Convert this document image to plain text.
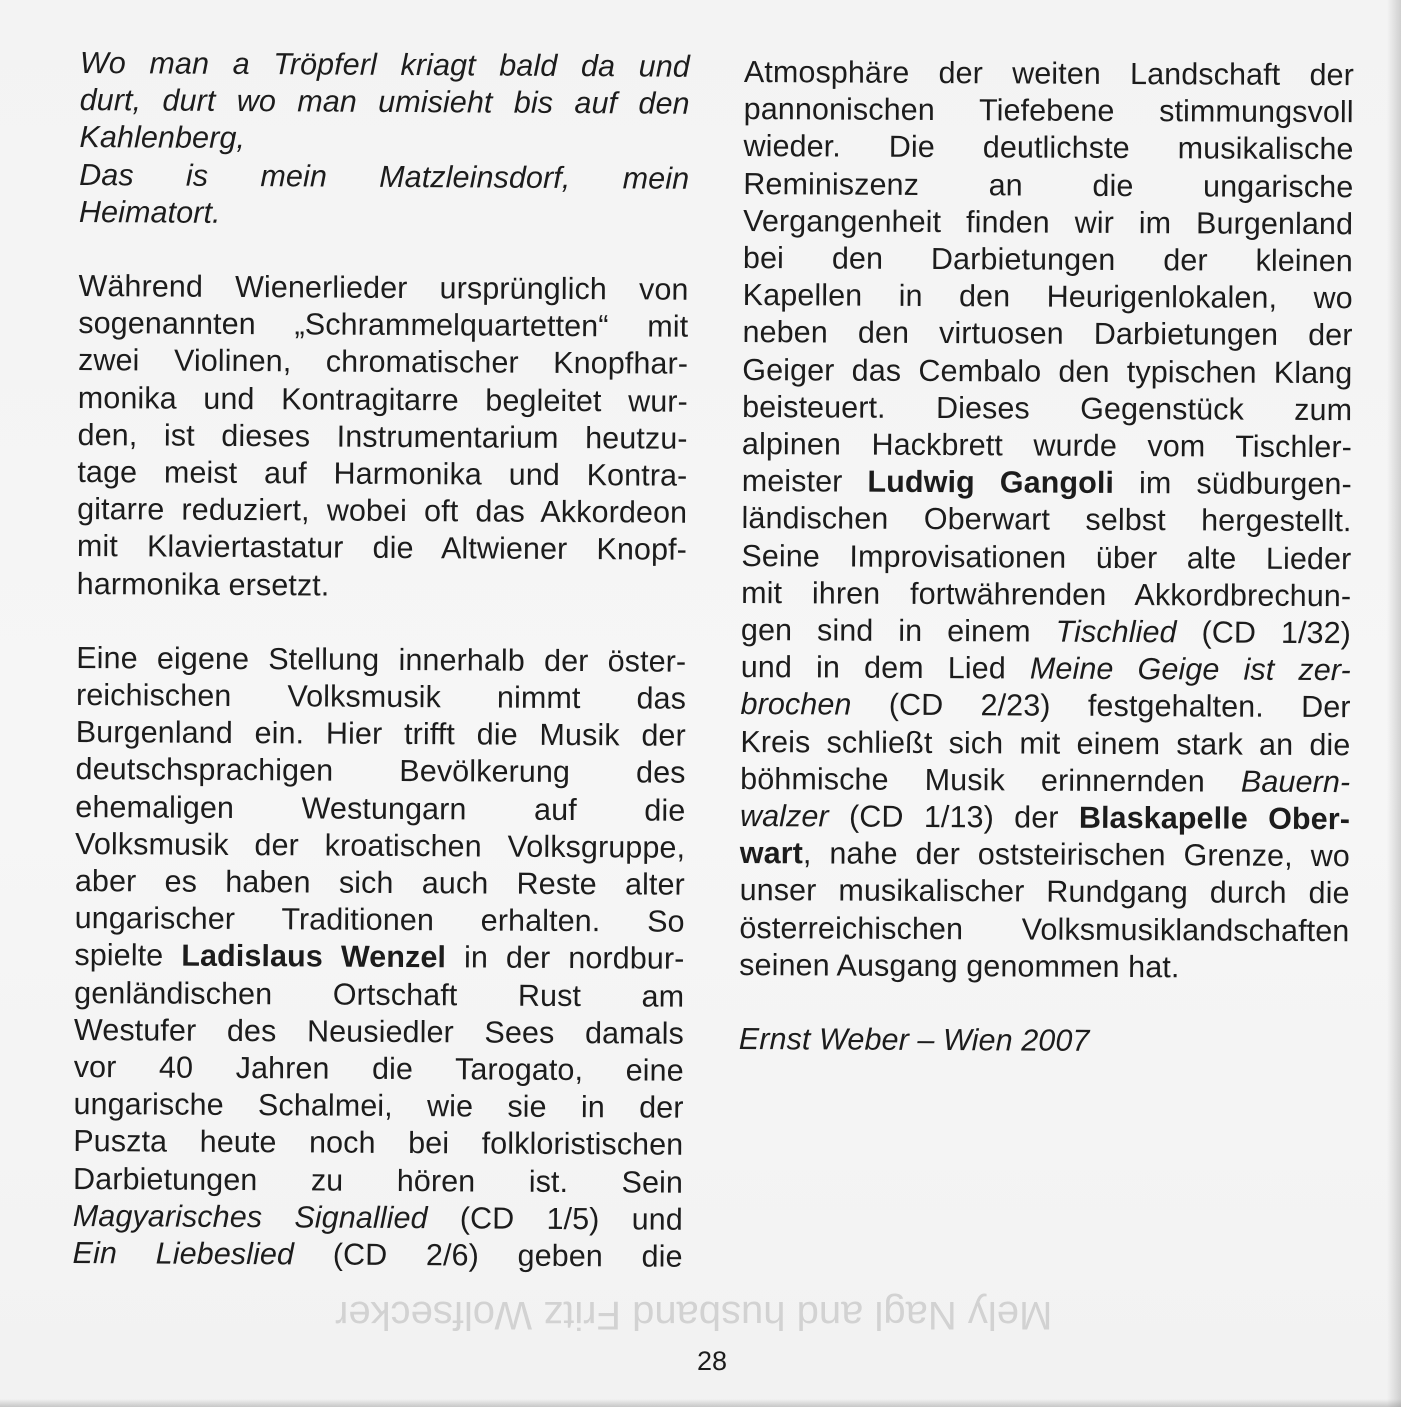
Mely Nagl and husband Fritz Wolfsecker

Wo man a Tröpferl kriagt bald da und
durt, durt wo man umisieht bis auf den
Kahlenberg,
Das is mein Matzleinsdorf, mein
Heimatort.

Während Wienerlieder ursprünglich von
sogenannten „Schrammelquartetten“ mit
zwei Violinen, chromatischer Knopfhar-
monika und Kontragitarre begleitet wur-
den, ist dieses Instrumentarium heutzu-
tage meist auf Harmonika und Kontra-
gitarre reduziert, wobei oft das Akkordeon
mit Klaviertastatur die Altwiener Knopf-
harmonika ersetzt.

Eine eigene Stellung innerhalb der öster-
reichischen Volksmusik nimmt das
Burgenland ein. Hier trifft die Musik der
deutschsprachigen Bevölkerung des
ehemaligen Westungarn auf die
Volksmusik der kroatischen Volksgruppe,
aber es haben sich auch Reste alter
ungarischer Traditionen erhalten. So
spielte Ladislaus Wenzel in der nordbur-
genländischen Ortschaft Rust am
Westufer des Neusiedler Sees damals
vor 40 Jahren die Tarogato, eine
ungarische Schalmei, wie sie in der
Puszta heute noch bei folkloristischen
Darbietungen zu hören ist. Sein
Magyarisches Signallied (CD 1/5) und
Ein Liebeslied (CD 2/6) geben die

Atmosphäre der weiten Landschaft der
pannonischen Tiefebene stimmungsvoll
wieder. Die deutlichste musikalische
Reminiszenz an die ungarische
Vergangenheit finden wir im Burgenland
bei den Darbietungen der kleinen
Kapellen in den Heurigenlokalen, wo
neben den virtuosen Darbietungen der
Geiger das Cembalo den typischen Klang
beisteuert. Dieses Gegenstück zum
alpinen Hackbrett wurde vom Tischler-
meister Ludwig Gangoli im südburgen-
ländischen Oberwart selbst hergestellt.
Seine Improvisationen über alte Lieder
mit ihren fortwährenden Akkordbrechun-
gen sind in einem Tischlied (CD 1/32)
und in dem Lied Meine Geige ist zer-
brochen (CD 2/23) festgehalten. Der
Kreis schließt sich mit einem stark an die
böhmische Musik erinnernden Bauern-
walzer (CD 1/13) der Blaskapelle Ober-
wart, nahe der oststeirischen Grenze, wo
unser musikalischer Rundgang durch die
österreichischen Volksmusiklandschaften
seinen Ausgang genommen hat.

Ernst Weber – Wien 2007

28
